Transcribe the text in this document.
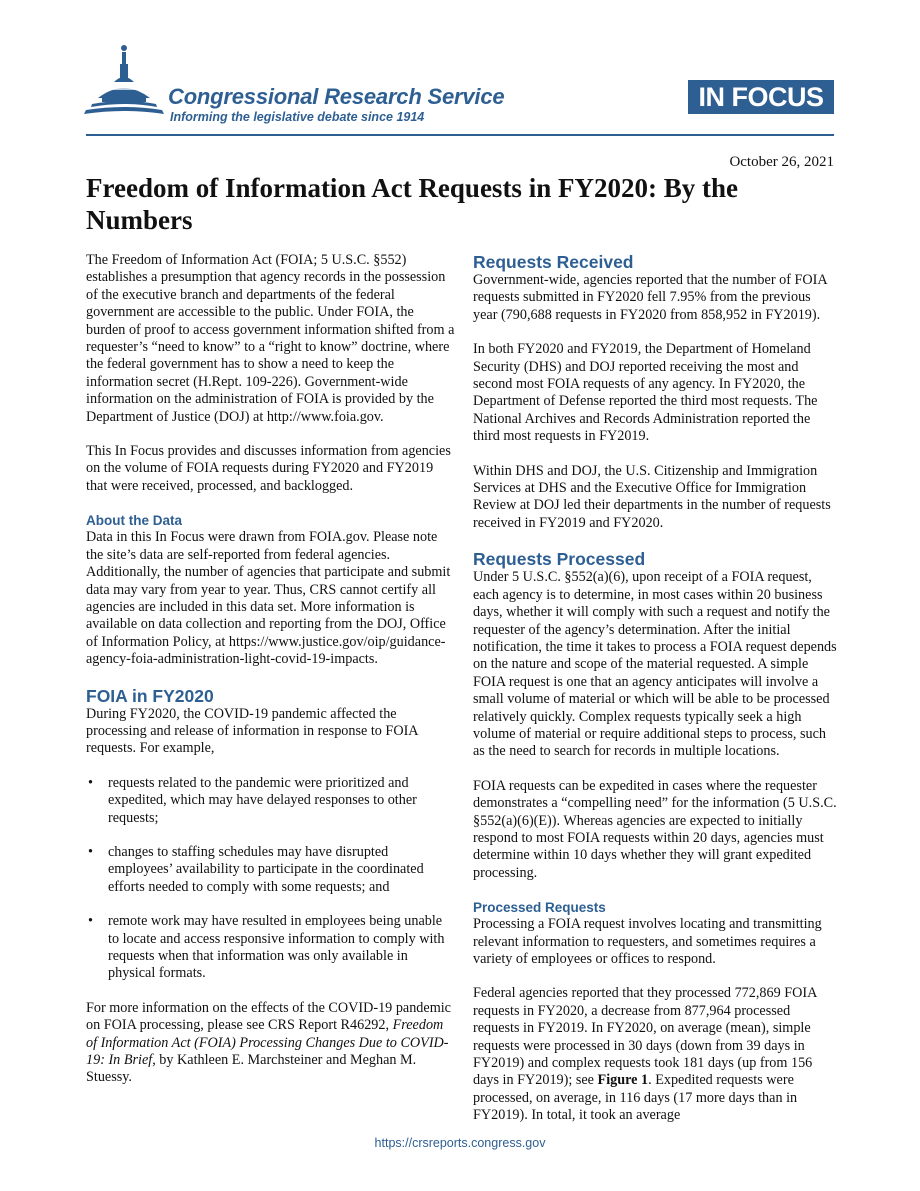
Congressional Research Service
Informing the legislative debate since 1914
IN FOCUS
October 26, 2021
Freedom of Information Act Requests in FY2020: By the Numbers

The Freedom of Information Act (FOIA; 5 U.S.C. §552) establishes a presumption that agency records in the possession of the executive branch and departments of the federal government are accessible to the public. Under FOIA, the burden of proof to access government information shifted from a requester’s “need to know” to a “right to know” doctrine, where the federal government has to show a need to keep the information secret (H.Rept. 109-226). Government-wide information on the administration of FOIA is provided by the Department of Justice (DOJ) at http://www.foia.gov.

This In Focus provides and discusses information from agencies on the volume of FOIA requests during FY2020 and FY2019 that were received, processed, and backlogged.

About the Data

Data in this In Focus were drawn from FOIA.gov. Please note the site’s data are self-reported from federal agencies. Additionally, the number of agencies that participate and submit data may vary from year to year. Thus, CRS cannot certify all agencies are included in this data set. More information is available on data collection and reporting from the DOJ, Office of Information Policy, at https://www.justice.gov/oip/guidance-agency-foia-administration-light-covid-19-impacts.

FOIA in FY2020

During FY2020, the COVID-19 pandemic affected the processing and release of information in response to FOIA requests. For example,

• requests related to the pandemic were prioritized and expedited, which may have delayed responses to other requests;
• changes to staffing schedules may have disrupted employees’ availability to participate in the coordinated efforts needed to comply with some requests; and
• remote work may have resulted in employees being unable to locate and access responsive information to comply with requests when that information was only available in physical formats.

For more information on the effects of the COVID-19 pandemic on FOIA processing, please see CRS Report R46292, Freedom of Information Act (FOIA) Processing Changes Due to COVID-19: In Brief, by Kathleen E. Marchsteiner and Meghan M. Stuessy.

Requests Received

Government-wide, agencies reported that the number of FOIA requests submitted in FY2020 fell 7.95% from the previous year (790,688 requests in FY2020 from 858,952 in FY2019).

In both FY2020 and FY2019, the Department of Homeland Security (DHS) and DOJ reported receiving the most and second most FOIA requests of any agency. In FY2020, the Department of Defense reported the third most requests. The National Archives and Records Administration reported the third most requests in FY2019.

Within DHS and DOJ, the U.S. Citizenship and Immigration Services at DHS and the Executive Office for Immigration Review at DOJ led their departments in the number of requests received in FY2019 and FY2020.

Requests Processed

Under 5 U.S.C. §552(a)(6), upon receipt of a FOIA request, each agency is to determine, in most cases within 20 business days, whether it will comply with such a request and notify the requester of the agency’s determination. After the initial notification, the time it takes to process a FOIA request depends on the nature and scope of the material requested. A simple FOIA request is one that an agency anticipates will involve a small volume of material or which will be able to be processed relatively quickly. Complex requests typically seek a high volume of material or require additional steps to process, such as the need to search for records in multiple locations.

FOIA requests can be expedited in cases where the requester demonstrates a “compelling need” for the information (5 U.S.C. §552(a)(6)(E)). Whereas agencies are expected to initially respond to most FOIA requests within 20 days, agencies must determine within 10 days whether they will grant expedited processing.

Processed Requests

Processing a FOIA request involves locating and transmitting relevant information to requesters, and sometimes requires a variety of employees or offices to respond.

Federal agencies reported that they processed 772,869 FOIA requests in FY2020, a decrease from 877,964 processed requests in FY2019. In FY2020, on average (mean), simple requests were processed in 30 days (down from 39 days in FY2019) and complex requests took 181 days (up from 156 days in FY2019); see Figure 1. Expedited requests were processed, on average, in 116 days (17 more days than in FY2019). In total, it took an average

https://crsreports.congress.gov
